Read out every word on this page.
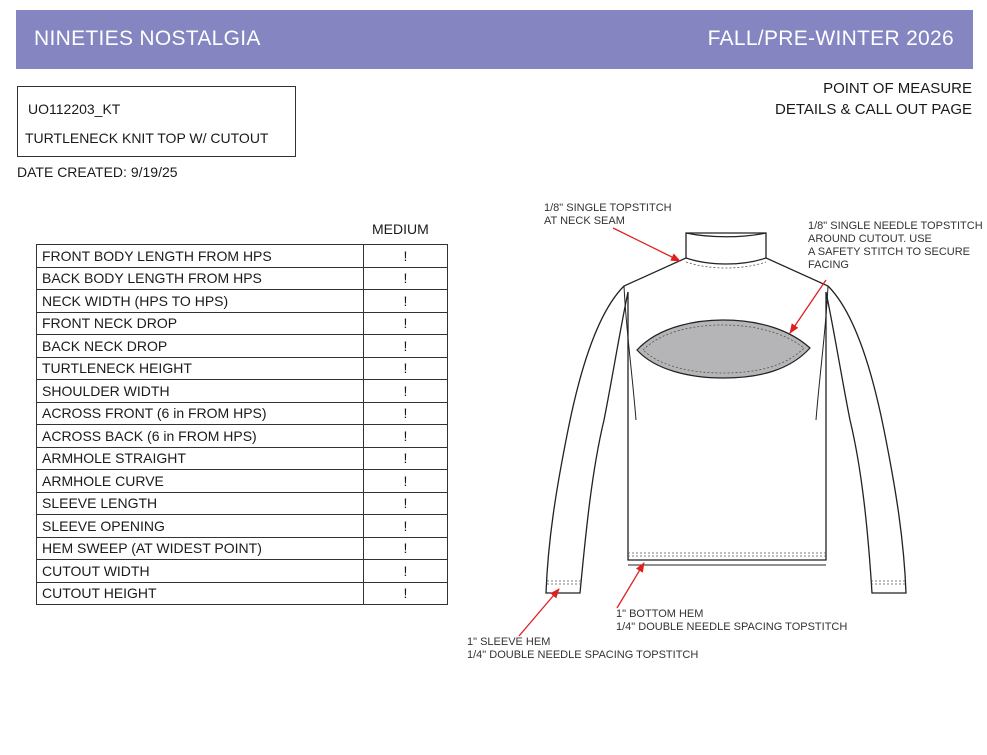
NINETIES NOSTALGIA	FALL/PRE-WINTER 2026
POINT OF MEASURE
DETAILS & CALL OUT PAGE
UO112203_KT
TURTLENECK KNIT TOP W/ CUTOUT
DATE CREATED: 9/19/25
MEDIUM
FRONT BODY LENGTH FROM HPS	!
BACK BODY LENGTH FROM HPS	!
NECK WIDTH (HPS TO HPS)	!
FRONT NECK DROP	!
BACK NECK DROP	!
TURTLENECK HEIGHT	!
SHOULDER WIDTH	!
ACROSS FRONT (6 in FROM HPS)	!
ACROSS BACK (6 in FROM HPS)	!
ARMHOLE STRAIGHT	!
ARMHOLE CURVE	!
SLEEVE LENGTH	!
SLEEVE OPENING	!
HEM SWEEP (AT WIDEST POINT)	!
CUTOUT WIDTH	!
CUTOUT HEIGHT	!
1/8" SINGLE TOPSTITCH
AT NECK SEAM	1/8" SINGLE NEEDLE TOPSTITCH
AROUND CUTOUT. USE
A SAFETY STITCH TO SECURE
FACING
1" BOTTOM HEM
1/4" DOUBLE NEEDLE SPACING TOPSTITCH
1" SLEEVE HEM
1/4" DOUBLE NEEDLE SPACING TOPSTITCH
